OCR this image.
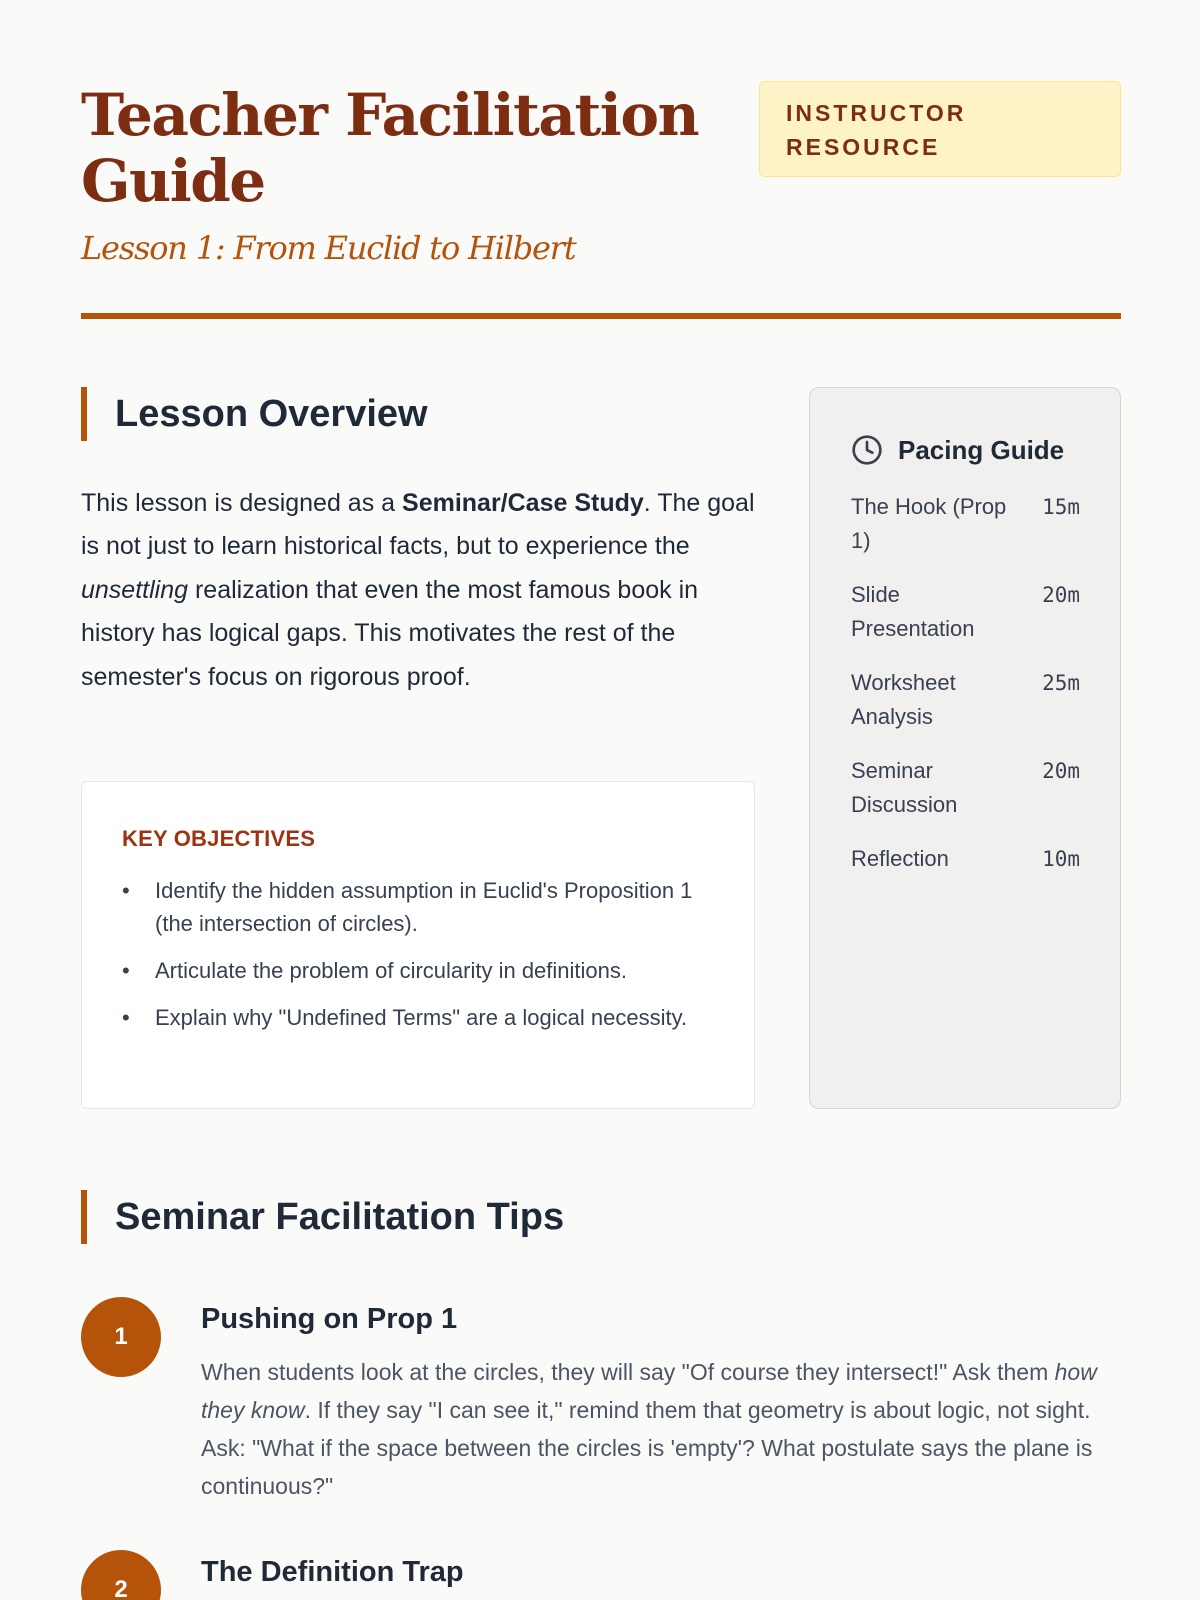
Teacher Facilitation Guide
Lesson 1: From Euclid to Hilbert
INSTRUCTOR RESOURCE
Lesson Overview

This lesson is designed as a Seminar/Case Study. The goal is not just to learn historical facts, but to experience the unsettling realization that even the most famous book in history has logical gaps. This motivates the rest of the semester's focus on rigorous proof.

KEY OBJECTIVES
• Identify the hidden assumption in Euclid's Proposition 1 (the intersection of circles).
• Articulate the problem of circularity in definitions.
• Explain why "Undefined Terms" are a logical necessity.
Pacing Guide
The Hook (Prop 1)
15m
Slide Presentation
20m
Worksheet Analysis
25m
Seminar Discussion
20m
Reflection	10m
Seminar Facilitation Tips
1
Pushing on Prop 1

When students look at the circles, they will say "Of course they intersect!" Ask them how they know. If they say "I can see it," remind them that geometry is about logic, not sight. Ask: "What if the space between the circles is 'empty'? What postulate says the plane is continuous?"

2
The Definition Trap
